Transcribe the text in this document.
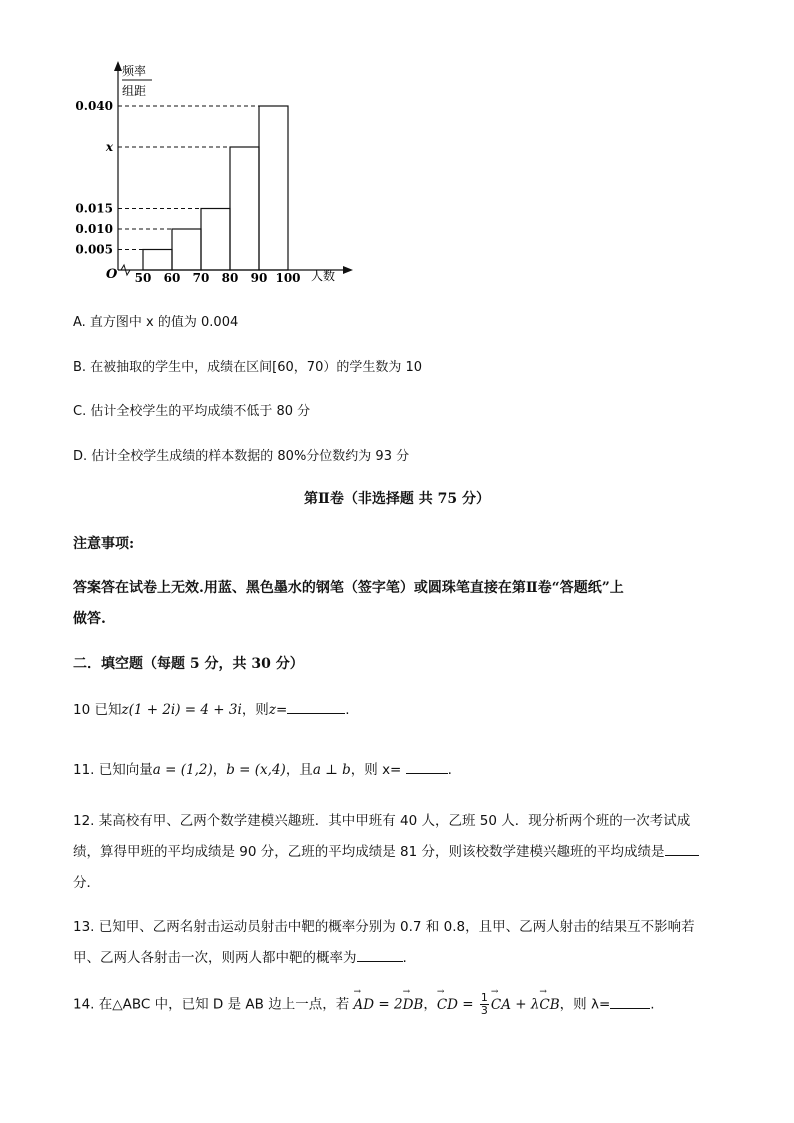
频率
组距
人数
O
0.005
0.010
0.015
x
0.040
50 60 70 80 90 100
A. 直方图中 x 的值为 0.004
B. 在被抽取的学生中，成绩在区间[60，70）的学生数为 10
C. 估计全校学生的平均成绩不低于 80 分
D. 估计全校学生成绩的样本数据的 80%分位数约为 93 分
第Ⅱ卷（非选择题 共 75 分）
注意事项:
答案答在试卷上无效.用蓝、黑色墨水的钢笔（签字笔）或圆珠笔直接在第Ⅱ卷“答题纸”上
做答.
二．填空题（每题 5 分，共 30 分）
10 已知z(1 + 2i) = 4 + 3i，则z=	.
11. 已知向量a = (1,2)，b = (x,4)，且a ⊥ b，则 x=	.
12. 某高校有甲、乙两个数学建模兴趣班．其中甲班有 40 人，乙班 50 人．现分析两个班的一次考试成
绩，算得甲班的平均成绩是 90 分，乙班的平均成绩是 81 分，则该校数学建模兴趣班的平均成绩是
分．
13. 已知甲、乙两名射击运动员射击中靶的概率分别为 0.7 和 0.8，且甲、乙两人射击的结果互不影响若
甲、乙两人各射击一次，则两人都中靶的概率为	.
14. 在△ABC 中，已知 D 是 AB 边上一点，若 → AD = 2→ DB，→ CD = $\frac{1}{3}$ → CA + λ→ CB，则 λ=	.
